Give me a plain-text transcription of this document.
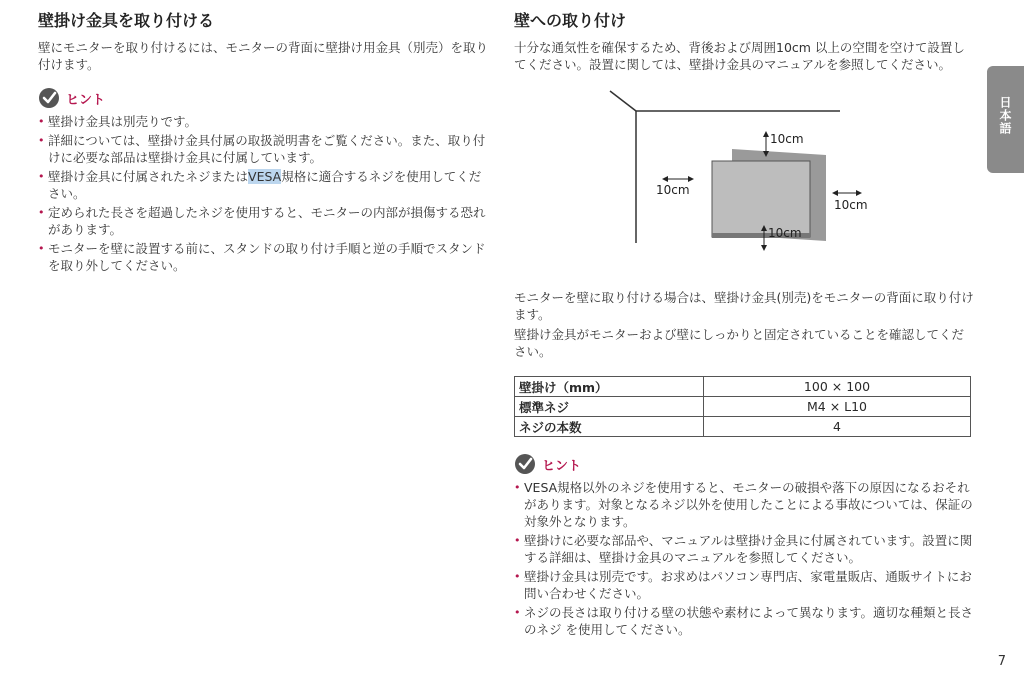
壁掛け金具を取り付ける

壁にモニターを取り付けるには、モニターの背面に壁掛け用金具（別売）を取り付けます。

ヒント
• 壁掛け金具は別売りです。
• 詳細については、壁掛け金具付属の取扱説明書をご覧ください。また、取り付けに必要な部品は壁掛け金具に付属しています。
• 壁掛け金具に付属されたネジまたはVESA規格に適合するネジを使用してください。
• 定められた長さを超過したネジを使用すると、モニターの内部が損傷する恐れがあります。
• モニターを壁に設置する前に、スタンドの取り付け手順と逆の手順でスタンドを取り外してください。
壁への取り付け

十分な通気性を確保するため、背後および周囲10cm 以上の空間を空けて設置してください。設置に関しては、壁掛け金具のマニュアルを参照してください。

10cm
10cm
10cm
10cm

モニターを壁に取り付ける場合は、壁掛け金具(別売)をモニターの背面に取り付けます。

壁掛け金具がモニターおよび壁にしっかりと固定されていることを確認してください。

壁掛け（mm）	100 × 100
標準ネジ	M4 × L10
ネジの本数	4
ヒント
• VESA規格以外のネジを使用すると、モニターの破損や落下の原因になるおそれがあります。対象となるネジ以外を使用したことによる事故については、保証の対象外となります。
• 壁掛けに必要な部品や、マニュアルは壁掛け金具に付属されています。設置に関する詳細は、壁掛け金具のマニュアルを参照してください。
• 壁掛け金具は別売です。お求めはパソコン専門店、家電量販店、通販サイトにお問い合わせください。
• ネジの長さは取り付ける壁の状態や素材によって異なります。適切な種類と長さのネジ を使用してください。
日本語
7
